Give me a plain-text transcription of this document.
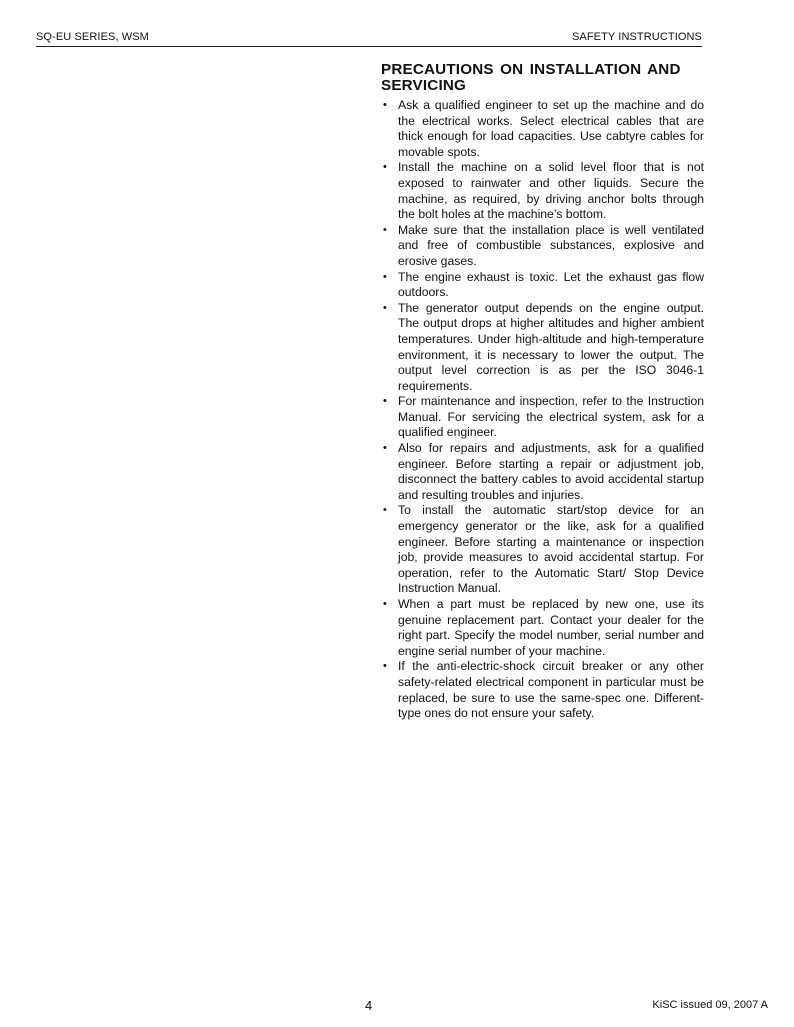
SQ-EU SERIES, WSM	SAFETY INSTRUCTIONS
PRECAUTIONS ON INSTALLATION AND SERVICING
• Ask a qualified engineer to set up the machine and do the electrical works. Select electrical cables that are thick enough for load capacities. Use cabtyre cables for movable spots.
• Install the machine on a solid level floor that is not exposed to rainwater and other liquids. Secure the machine, as required, by driving anchor bolts through the bolt holes at the machine’s bottom.
• Make sure that the installation place is well ventilated and free of combustible substances, explosive and erosive gases.
• The engine exhaust is toxic. Let the exhaust gas flow outdoors.
• The generator output depends on the engine output. The output drops at higher altitudes and higher ambient temperatures. Under high-altitude and high-temperature environment, it is necessary to lower the output. The output level correction is as per the ISO 3046-1 requirements.
• For maintenance and inspection, refer to the Instruction Manual. For servicing the electrical system, ask for a qualified engineer.
• Also for repairs and adjustments, ask for a qualified engineer. Before starting a repair or adjustment job, disconnect the battery cables to avoid accidental startup and resulting troubles and injuries.
• To install the automatic start/stop device for an emergency generator or the like, ask for a qualified engineer. Before starting a maintenance or inspection job, provide measures to avoid accidental startup. For operation, refer to the Automatic Start/ Stop Device Instruction Manual.
• When a part must be replaced by new one, use its genuine replacement part. Contact your dealer for the right part. Specify the model number, serial number and engine serial number of your machine.
• If the anti-electric-shock circuit breaker or any other safety-related electrical component in particular must be replaced, be sure to use the same-spec one. Different-type ones do not ensure your safety.
4	KiSC issued 09, 2007 A
